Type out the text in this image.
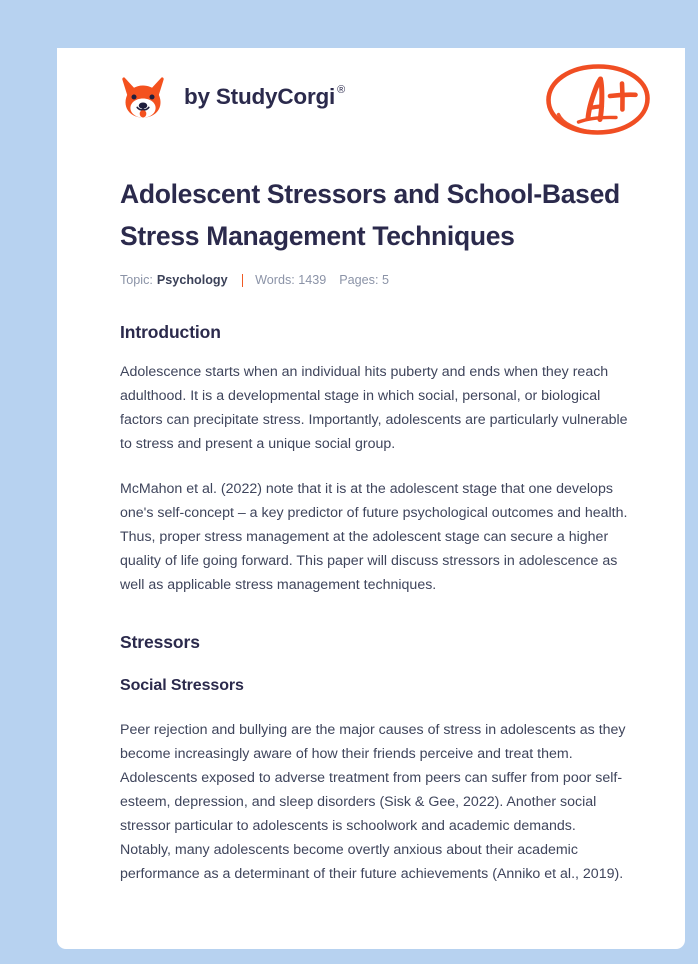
by StudyCorgi ®
Adolescent Stressors and School-Based Stress Management Techniques
Topic: Psychology Words: 1439 Pages: 5
Introduction

Adolescence starts when an individual hits puberty and ends when they reach adulthood. It is a developmental stage in which social, personal, or biological factors can precipitate stress. Importantly, adolescents are particularly vulnerable to stress and present a unique social group.

McMahon et al. (2022) note that it is at the adolescent stage that one develops one's self-concept – a key predictor of future psychological outcomes and health. Thus, proper stress management at the adolescent stage can secure a higher quality of life going forward. This paper will discuss stressors in adolescence as well as applicable stress management techniques.

Stressors
Social Stressors

Peer rejection and bullying are the major causes of stress in adolescents as they become increasingly aware of how their friends perceive and treat them. Adolescents exposed to adverse treatment from peers can suffer from poor self-esteem, depression, and sleep disorders (Sisk & Gee, 2022). Another social stressor particular to adolescents is schoolwork and academic demands. Notably, many adolescents become overtly anxious about their academic performance as a determinant of their future achievements (Anniko et al., 2019).
